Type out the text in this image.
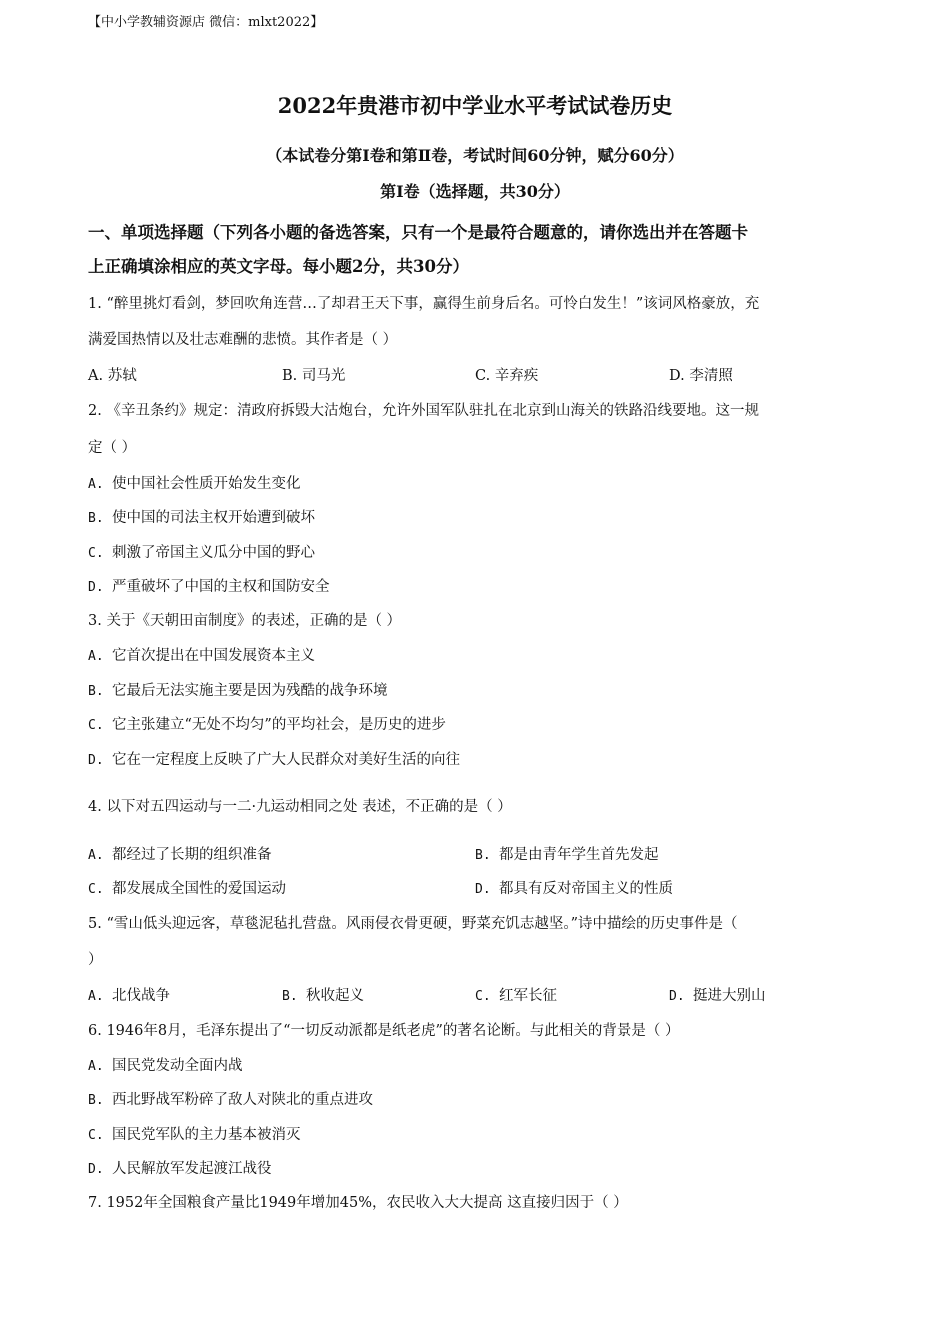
【中小学教辅资源店 微信：mlxt2022】
2022年贵港市初中学业水平考试试卷历史
（本试卷分第Ⅰ卷和第Ⅱ卷，考试时间60分钟，赋分60分）
第Ⅰ卷（选择题，共30分）
一、单项选择题（下列各小题的备选答案，只有一个是最符合题意的，请你选出并在答题卡
上正确填涂相应的英文字母。每小题2分，共30分）
1. “醉里挑灯看剑，梦回吹角连营…了却君王天下事，赢得生前身后名。可怜白发生！”该词风格豪放，充
满爱国热情以及壮志难酬的悲愤。其作者是（ ）
A. 苏轼	B. 司马光	C. 辛弃疾	D. 李清照
2. 《辛丑条约》规定：清政府拆毁大沽炮台，允许外国军队驻扎在北京到山海关的铁路沿线要地。这一规
定（ ）
A. 使中国社会性质开始发生变化
B. 使中国的司法主权开始遭到破坏
C. 刺激了帝国主义瓜分中国的野心
D. 严重破坏了中国的主权和国防安全
3. 关于《天朝田亩制度》的表述，正确的是（ ）
A. 它首次提出在中国发展资本主义
B. 它最后无法实施主要是因为残酷的战争环境
C. 它主张建立“无处不均匀”的平均社会，是历史的进步
D. 它在一定程度上反映了广大人民群众对美好生活的向往
4. 以下对五四运动与一二·九运动相同之处 表述，不正确的是（ ）
A. 都经过了长期的组织准备	B. 都是由青年学生首先发起
C. 都发展成全国性的爱国运动	D. 都具有反对帝国主义的性质
5. “雪山低头迎远客，草毯泥毡扎营盘。风雨侵衣骨更硬，野菜充饥志越坚。”诗中描绘的历史事件是（
）
A. 北伐战争	B. 秋收起义	C. 红军长征	D. 挺进大别山
6. 1946年8月，毛泽东提出了“一切反动派都是纸老虎”的著名论断。与此相关的背景是（ ）
A. 国民党发动全面内战
B. 西北野战军粉碎了敌人对陕北的重点进攻
C. 国民党军队的主力基本被消灭
D. 人民解放军发起渡江战役
7. 1952年全国粮食产量比1949年增加45%，农民收入大大提高 这直接归因于（ ）
